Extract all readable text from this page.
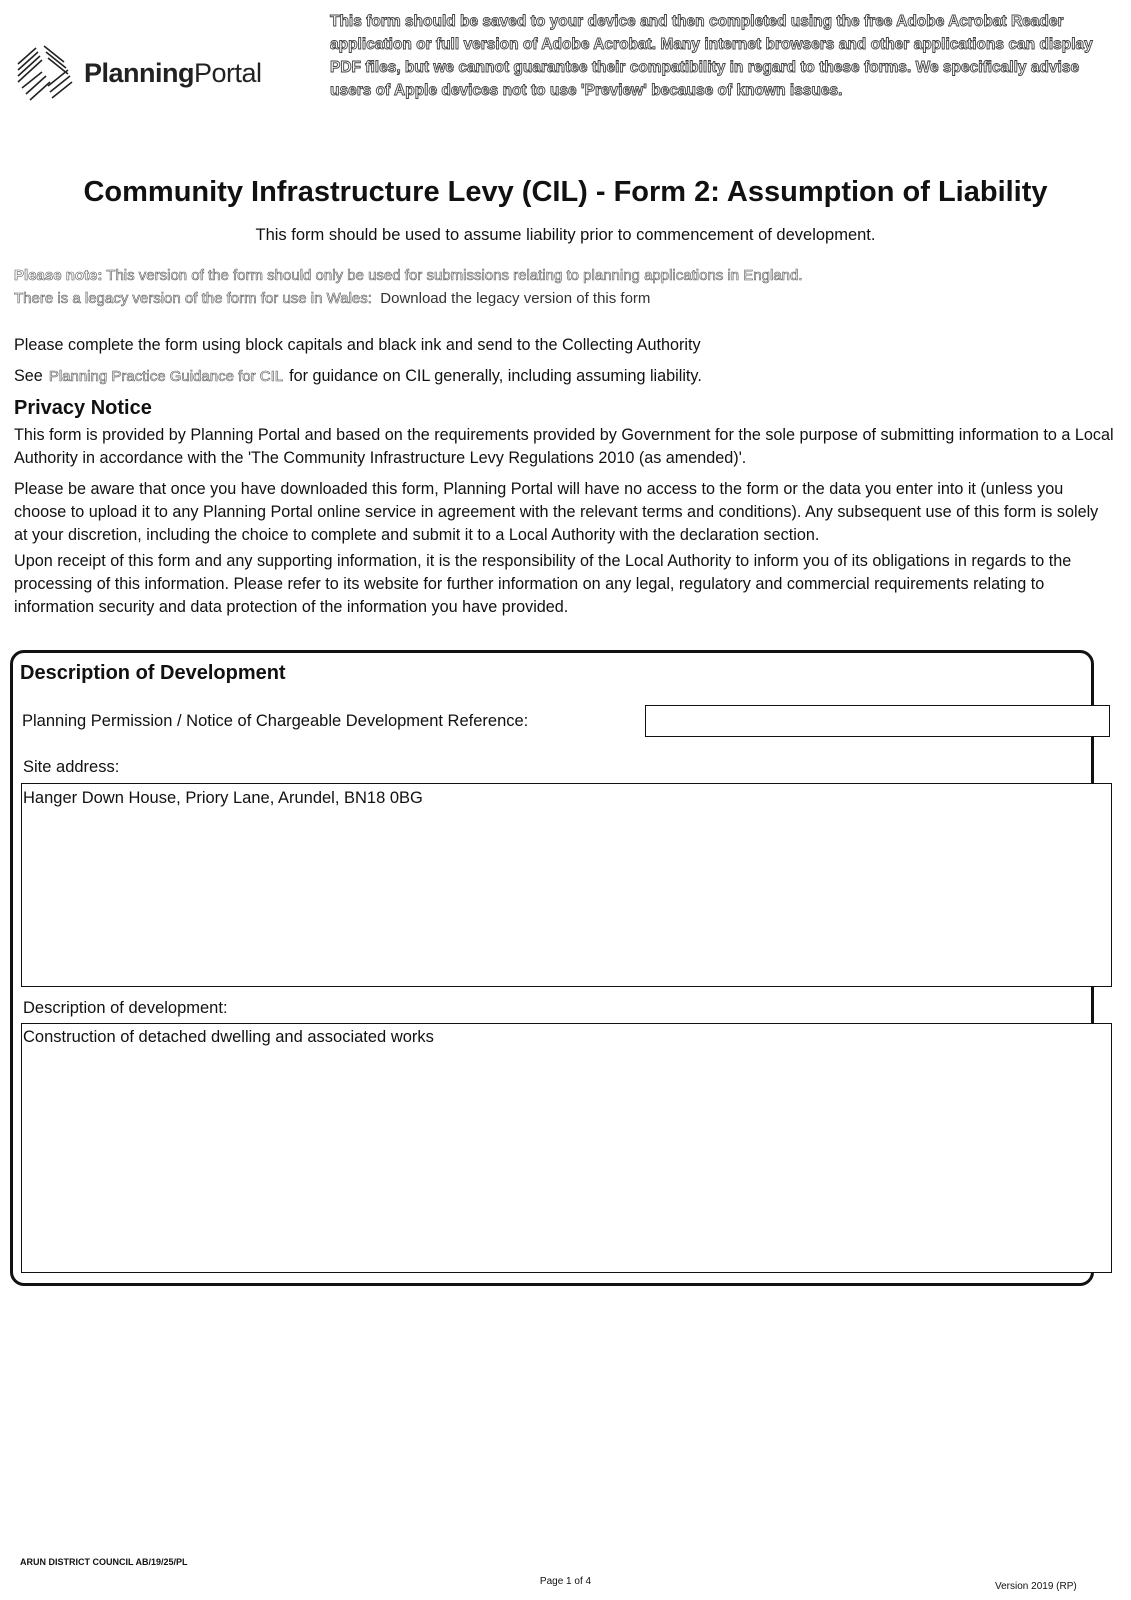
PlanningPortal
This form should be saved to your device and then completed using the free Adobe Acrobat Reader application or full version of Adobe Acrobat. Many internet browsers and other applications can display PDF files, but we cannot guarantee their compatibility in regard to these forms. We specifically advise users of Apple devices not to use 'Preview' because of known issues.
Community Infrastructure Levy (CIL) - Form 2: Assumption of Liability
This form should be used to assume liability prior to commencement of development.
Please note: This version of the form should only be used for submissions relating to planning applications in England.
There is a legacy version of the form for use in Wales: Download the legacy version of this form
Please complete the form using block capitals and black ink and send to the Collecting Authority
See Planning Practice Guidance for CIL for guidance on CIL generally, including assuming liability.
Privacy Notice
This form is provided by Planning Portal and based on the requirements provided by Government for the sole purpose of submitting information to a Local Authority in accordance with the 'The Community Infrastructure Levy Regulations 2010 (as amended)'.
Please be aware that once you have downloaded this form, Planning Portal will have no access to the form or the data you enter into it (unless you choose to upload it to any Planning Portal online service in agreement with the relevant terms and conditions). Any subsequent use of this form is solely at your discretion, including the choice to complete and submit it to a Local Authority with the declaration section.
Upon receipt of this form and any supporting information, it is the responsibility of the Local Authority to inform you of its obligations in regards to the processing of this information. Please refer to its website for further information on any legal, regulatory and commercial requirements relating to information security and data protection of the information you have provided.
Description of Development
Planning Permission / Notice of Chargeable Development Reference:
Site address:
Hanger Down House, Priory Lane, Arundel, BN18 0BG
Description of development:
Construction of detached dwelling and associated works
ARUN DISTRICT COUNCIL AB/19/25/PL
Page 1 of 4	Version 2019 (RP)
